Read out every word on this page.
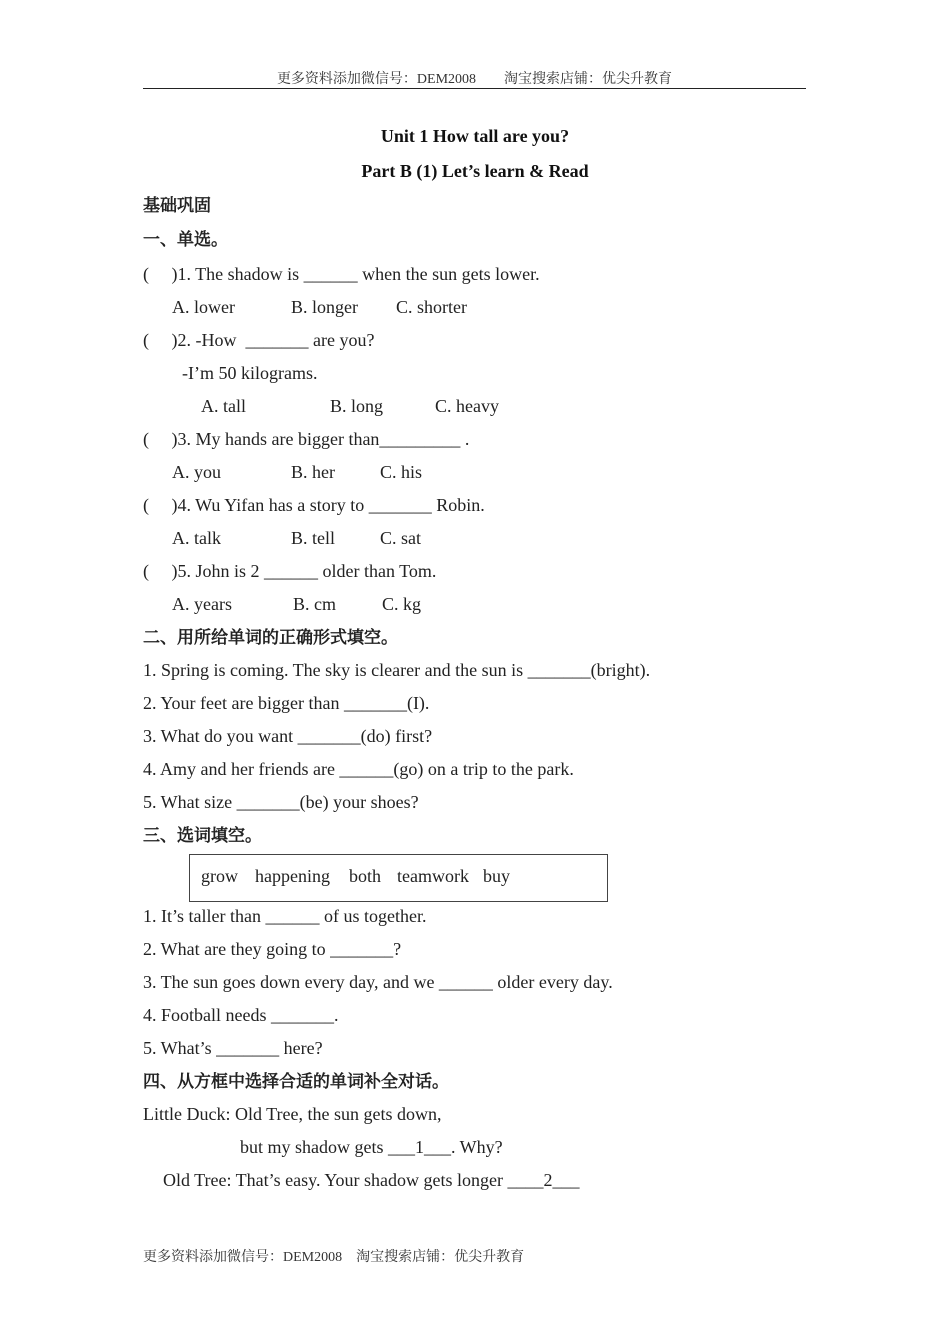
更多资料添加微信号：DEM2008　　淘宝搜索店铺：优尖升教育
Unit 1 How tall are you?
Part B (1) Let’s learn & Read
基础巩固
一、单选。
(     )1. The shadow is ______ when the sun gets lower.
A. lower	B. longer C. shorter
(     )2. -How  _______ are you?
-I’m 50 kilograms.
A. tall	B. long	C. heavy
(     )3. My hands are bigger than_________ .
A. you	B. her	C. his
(     )4. Wu Yifan has a story to _______ Robin.
A. talk	B. tell	C. sat
(     )5. John is 2 ______ older than Tom.
A. years	B. cm	C. kg
二、用所给单词的正确形式填空。
1. Spring is coming. The sky is clearer and the sun is _______(bright).
2. Your feet are bigger than _______(I).
3. What do you want _______(do) first?
4. Amy and her friends are ______(go) on a trip to the park.
5. What size _______(be) your shoes?
三、选词填空。
grow happening both teamwork buy
1. It’s taller than ______ of us together.
2. What are they going to _______?
3. The sun goes down every day, and we ______ older every day.
4. Football needs _______.
5. What’s _______ here?
四、从方框中选择合适的单词补全对话。
Little Duck: Old Tree, the sun gets down,
but my shadow gets ___1___. Why?
Old Tree: That’s easy. Your shadow gets longer ____2___
更多资料添加微信号：DEM2008    淘宝搜索店铺：优尖升教育
